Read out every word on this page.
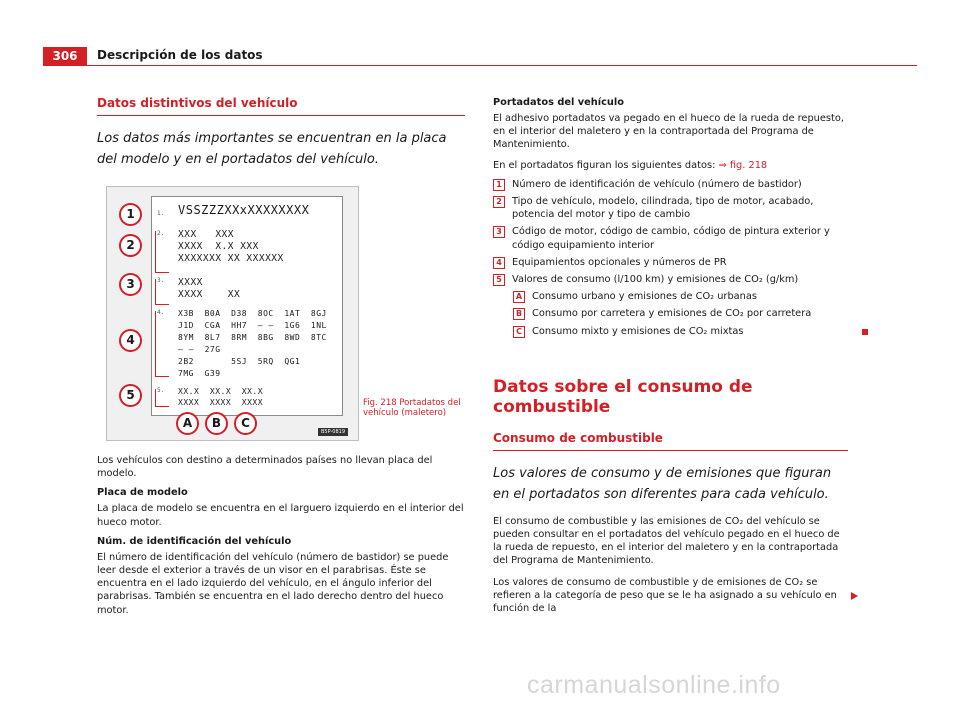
306	Descripción de los datos
Datos distintivos del vehículo
Los datos más importantes se encuentran en la placa del modelo y en el portadatos del vehículo.
1.
2.
3.
4.
5.
VSSZZZXXxXXXXXXXX
XXX   XXX
XXXX  X.X XXX
XXXXXXX XX XXXXXX
XXXX
XXXX    XX
X3B  B0A  D38  8OC  1AT  8GJ
J1D  CGA  HH7  – –  1G6  1NL
8YM  8L7  8RM  8BG  8WD  8TC
– –  27G
2B2       5SJ  5RQ  QG1
7MG  G39
XX.X  XX.X  XX.X
XXXX  XXXX  XXXX
1
2
3
4
5
A	B	C
B5P-0819
Los vehículos con destino a determinados países no llevan placa del modelo.
Placa de modelo
La placa de modelo se encuentra en el larguero izquierdo en el interior del hueco motor.
Núm. de identificación del vehículo
El número de identificación del vehículo (número de bastidor) se puede leer desde el exterior a través de un visor en el parabrisas. Éste se encuentra en el lado izquierdo del vehículo, en el ángulo inferior del parabrisas. También se encuentra en el lado derecho dentro del hueco motor.
Fig. 218 Portadatos del vehículo (maletero)
Portadatos del vehículo
El adhesivo portadatos va pegado en el hueco de la rueda de repuesto, en el interior del maletero y en la contraportada del Programa de Mantenimiento.
En el portadatos figuran los siguientes datos: ⇒ fig. 218
1	Número de identificación de vehículo (número de bastidor)
2	Tipo de vehículo, modelo, cilindrada, tipo de motor, acabado, potencia del motor y tipo de cambio
3	Código de motor, código de cambio, código de pintura exterior y código equipamiento interior
4	Equipamientos opcionales y números de PR
5	Valores de consumo (l/100 km) y emisiones de CO₂ (g/km)
A Consumo urbano y emisiones de CO₂ urbanas
B	Consumo por carretera y emisiones de CO₂ por carretera
C	Consumo mixto y emisiones de CO₂ mixtas
Datos sobre el consumo de combustible
Consumo de combustible
Los valores de consumo y de emisiones que figuran en el portadatos son diferentes para cada vehículo.
El consumo de combustible y las emisiones de CO₂ del vehículo se pueden consultar en el portadatos del vehículo pegado en el hueco de la rueda de repuesto, en el interior del maletero y en la contraportada del Programa de Mantenimiento.
Los valores de consumo de combustible y de emisiones de CO₂ se refieren a la categoría de peso que se le ha asignado a su vehículo en función de la
carmanualsonline.info
